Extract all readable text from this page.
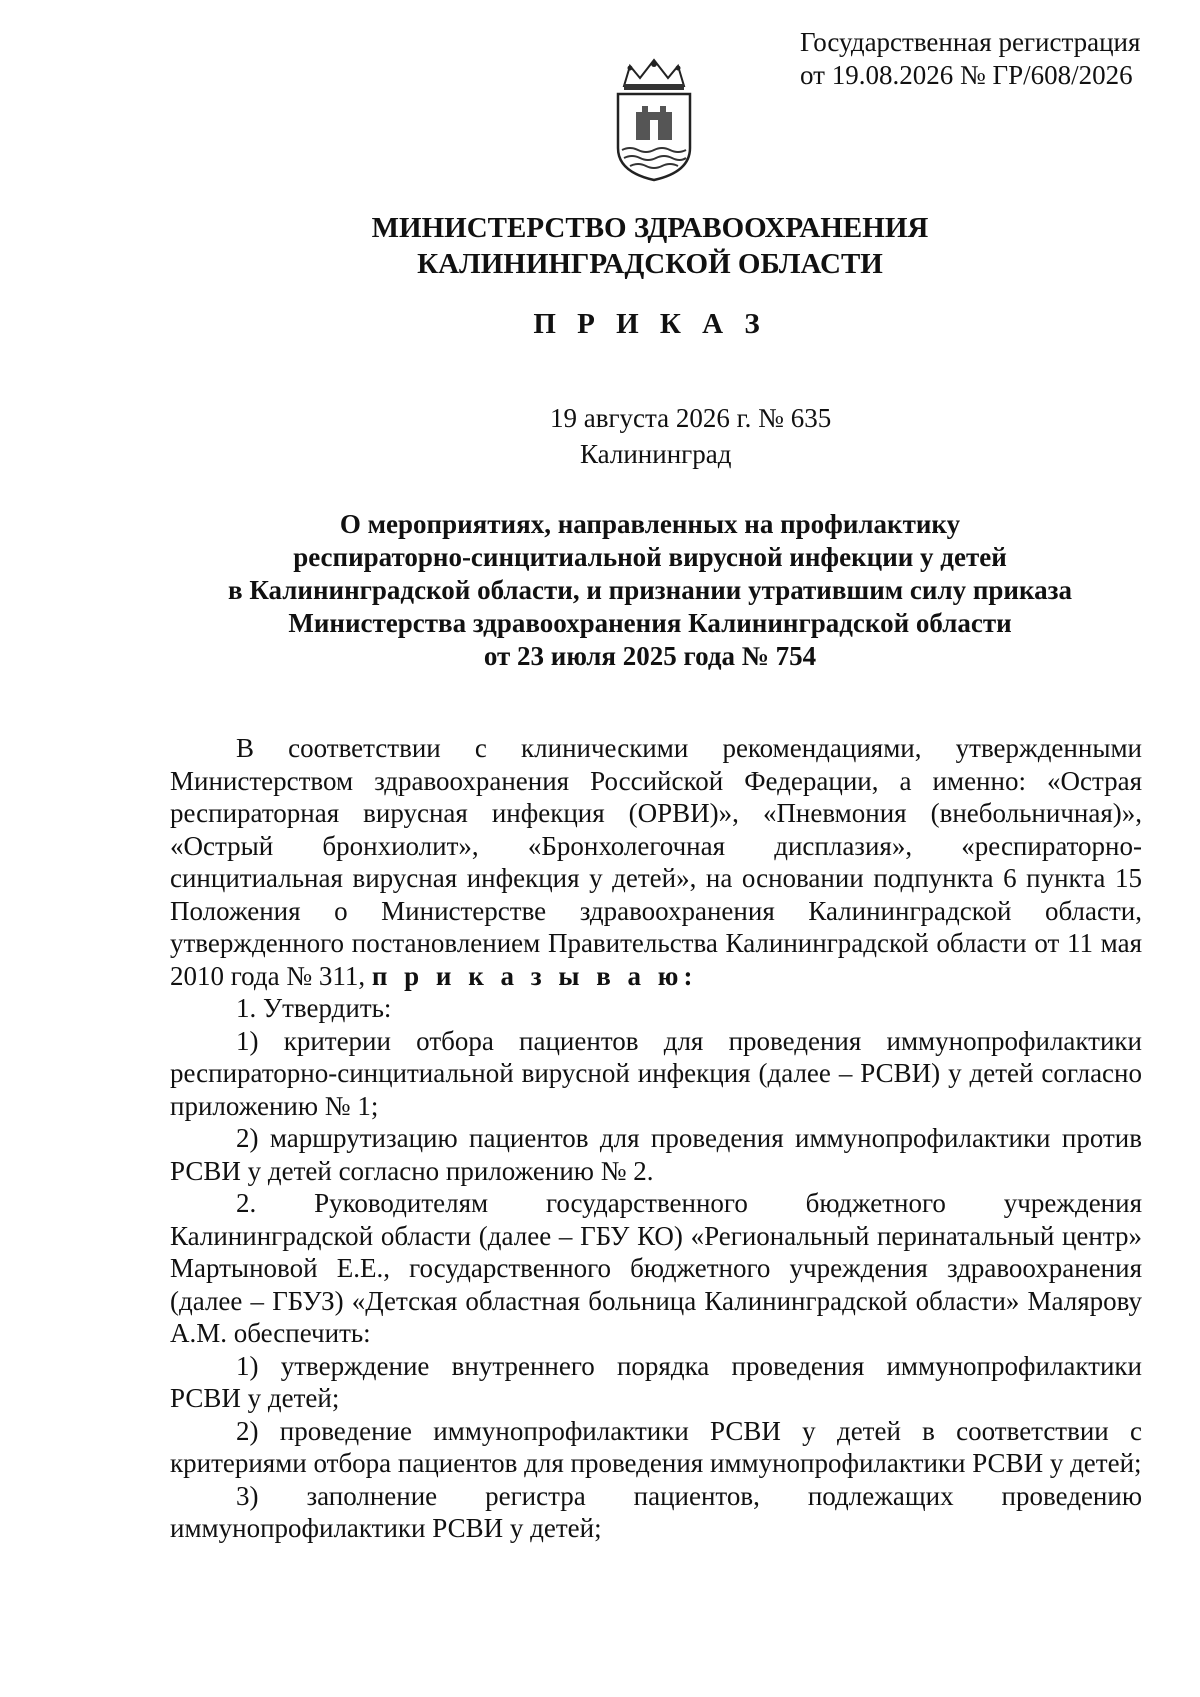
Государственная регистрация
от 19.08.2026 № ГР/608/2026
МИНИСТЕРСТВО ЗДРАВООХРАНЕНИЯ
КАЛИНИНГРАДСКОЙ ОБЛАСТИ
П Р И К А З
19 августа 2026 г. № 635
Калининград
О мероприятиях, направленных на профилактику
респираторно-синцитиальной вирусной инфекции у детей
в Калининградской области, и признании утратившим силу приказа
Министерства здравоохранения Калининградской области
от 23 июля 2025 года № 754

В соответствии с клиническими рекомендациями, утвержденными Министерством здравоохранения Российской Федерации, а именно: «Острая респираторная вирусная инфекция (ОРВИ)», «Пневмония (внебольничная)», «Острый бронхиолит», «Бронхолегочная дисплазия», «респираторно-синцитиальная вирусная инфекция у детей», на основании подпункта 6 пункта 15 Положения о Министерстве здравоохранения Калининградской области, утвержденного постановлением Правительства Калининградской области от 11 мая 2010 года № 311, п р и к а з ы в а ю:

1. Утвердить:

1) критерии отбора пациентов для проведения иммунопрофилактики респираторно-синцитиальной вирусной инфекция (далее – РСВИ) у детей согласно приложению № 1;

2) маршрутизацию пациентов для проведения иммунопрофилактики против РСВИ у детей согласно приложению № 2.

2. Руководителям государственного бюджетного учреждения Калининградской области (далее – ГБУ КО) «Региональный перинатальный центр» Мартыновой Е.Е., государственного бюджетного учреждения здравоохранения (далее – ГБУЗ) «Детская областная больница Калининградской области» Малярову А.М. обеспечить:

1) утверждение внутреннего порядка проведения иммунопрофилактики РСВИ у детей;

2) проведение иммунопрофилактики РСВИ у детей в соответствии с критериями отбора пациентов для проведения иммунопрофилактики РСВИ у детей;

3) заполнение регистра пациентов, подлежащих проведению иммунопрофилактики РСВИ у детей;
